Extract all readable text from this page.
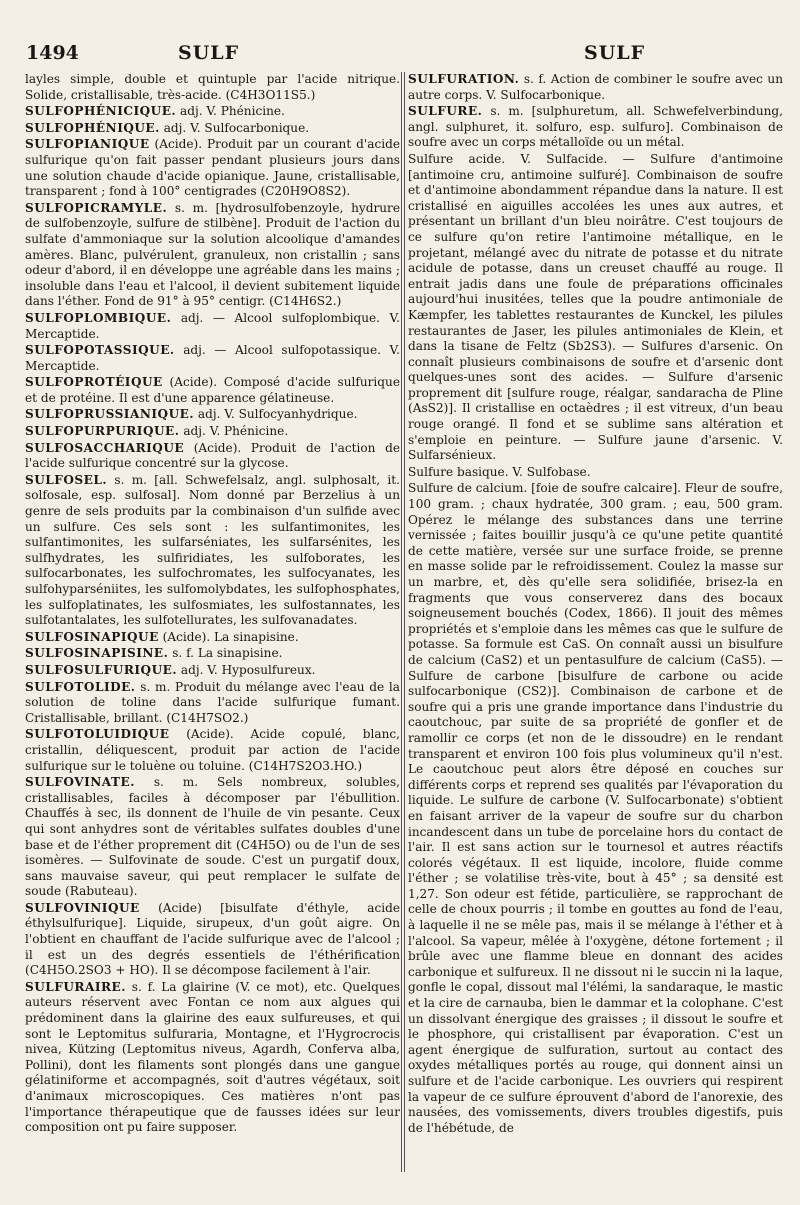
1494	SULF	SULF

layles simple, double et quintuple par l'acide nitrique. Solide, cristallisable, très-acide. (C4H3O11S5.)

SULFOPHÉNICIQUE. adj. V. Phénicine.

SULFOPHÉNIQUE. adj. V. Sulfocarbonique.

SULFOPIANIQUE (Acide). Produit par un courant d'acide sulfurique qu'on fait passer pendant plusieurs jours dans une solution chaude d'acide opianique. Jaune, cristallisable, transparent ; fond à 100° centigrades (C20H9O8S2).

SULFOPICRAMYLE. s. m. [hydrosulfobenzoyle, hydrure de sulfobenzoyle, sulfure de stilbène]. Produit de l'action du sulfate d'ammoniaque sur la solution alcoolique d'amandes amères. Blanc, pulvérulent, granuleux, non cristallin ; sans odeur d'abord, il en développe une agréable dans les mains ; insoluble dans l'eau et l'alcool, il devient subitement liquide dans l'éther. Fond de 91° à 95° centigr. (C14H6S2.)

SULFOPLOMBIQUE. adj. — Alcool sulfoplombique. V. Mercaptide.

SULFOPOTASSIQUE. adj. — Alcool sulfopotassique. V. Mercaptide.

SULFOPROTÉIQUE (Acide). Composé d'acide sulfurique et de protéine. Il est d'une apparence gélatineuse.

SULFOPRUSSIANIQUE. adj. V. Sulfocyanhydrique.

SULFOPURPURIQUE. adj. V. Phénicine.

SULFOSACCHARIQUE (Acide). Produit de l'action de l'acide sulfurique concentré sur la glycose.

SULFOSEL. s. m. [all. Schwefelsalz, angl. sulphosalt, it. solfosale, esp. sulfosal]. Nom donné par Berzelius à un genre de sels produits par la combinaison d'un sulfide avec un sulfure. Ces sels sont : les sulfantimonites, les sulfantimonites, les sulfarséniates, les sulfarsénites, les sulfhydrates, les sulfiridiates, les sulfoborates, les sulfocarbonates, les sulfochromates, les sulfocyanates, les sulfohyparséniites, les sulfomolybdates, les sulfophosphates, les sulfoplatinates, les sulfosmiates, les sulfostannates, les sulfotantalates, les sulfotellurates, les sulfovanadates.

SULFOSINAPIQUE (Acide). La sinapisine.

SULFOSINAPISINE. s. f. La sinapisine.

SULFOSULFURIQUE. adj. V. Hyposulfureux.

SULFOTOLIDE. s. m. Produit du mélange avec l'eau de la solution de toline dans l'acide sulfurique fumant. Cristallisable, brillant. (C14H7SO2.)

SULFOTOLUIDIQUE (Acide). Acide copulé, blanc, cristallin, déliquescent, produit par action de l'acide sulfurique sur le toluène ou toluine. (C14H7S2O3.HO.)

SULFOVINATE. s. m. Sels nombreux, solubles, cristallisables, faciles à décomposer par l'ébullition. Chauffés à sec, ils donnent de l'huile de vin pesante. Ceux qui sont anhydres sont de véritables sulfates doubles d'une base et de l'éther proprement dit (C4H5O) ou de l'un de ses isomères. — Sulfovinate de soude. C'est un purgatif doux, sans mauvaise saveur, qui peut remplacer le sulfate de soude (Rabuteau).

SULFOVINIQUE (Acide) [bisulfate d'éthyle, acide éthylsulfurique]. Liquide, sirupeux, d'un goût aigre. On l'obtient en chauffant de l'acide sulfurique avec de l'alcool ; il est un des degrés essentiels de l'éthérification (C4H5O.2SO3 + HO). Il se décompose facilement à l'air.

SULFURAIRE. s. f. La glairine (V. ce mot), etc. Quelques auteurs réservent avec Fontan ce nom aux algues qui prédominent dans la glairine des eaux sulfureuses, et qui sont le Leptomitus sulfuraria, Montagne, et l'Hygrocrocis nivea, Kützing (Leptomitus niveus, Agardh, Conferva alba, Pollini), dont les filaments sont plongés dans une gangue gélatiniforme et accompagnés, soit d'autres végétaux, soit d'animaux microscopiques. Ces matières n'ont pas l'importance thérapeutique que de fausses idées sur leur composition ont pu faire supposer.

SULFURATION. s. f. Action de combiner le soufre avec un autre corps. V. Sulfocarbonique.

SULFURE. s. m. [sulphuretum, all. Schwefelverbindung, angl. sulphuret, it. solfuro, esp. sulfuro]. Combinaison de soufre avec un corps métalloïde ou un métal.

Sulfure acide. V. Sulfacide. — Sulfure d'antimoine [antimoine cru, antimoine sulfuré]. Combinaison de soufre et d'antimoine abondamment répandue dans la nature. Il est cristallisé en aiguilles accolées les unes aux autres, et présentant un brillant d'un bleu noirâtre. C'est toujours de ce sulfure qu'on retire l'antimoine métallique, en le projetant, mélangé avec du nitrate de potasse et du nitrate acidule de potasse, dans un creuset chauffé au rouge. Il entrait jadis dans une foule de préparations officinales aujourd'hui inusitées, telles que la poudre antimoniale de Kæmpfer, les tablettes restaurantes de Kunckel, les pilules restaurantes de Jaser, les pilules antimoniales de Klein, et dans la tisane de Feltz (Sb2S3). — Sulfures d'arsenic. On connaît plusieurs combinaisons de soufre et d'arsenic dont quelques-unes sont des acides. — Sulfure d'arsenic proprement dit [sulfure rouge, réalgar, sandaracha de Pline (AsS2)]. Il cristallise en octaèdres ; il est vitreux, d'un beau rouge orangé. Il fond et se sublime sans altération et s'emploie en peinture. — Sulfure jaune d'arsenic. V. Sulfarsénieux.

Sulfure basique. V. Sulfobase.

Sulfure de calcium. [foie de soufre calcaire]. Fleur de soufre, 100 gram. ; chaux hydratée, 300 gram. ; eau, 500 gram. Opérez le mélange des substances dans une terrine vernissée ; faites bouillir jusqu'à ce qu'une petite quantité de cette matière, versée sur une surface froide, se prenne en masse solide par le refroidissement. Coulez la masse sur un marbre, et, dès qu'elle sera solidifiée, brisez-la en fragments que vous conserverez dans des bocaux soigneusement bouchés (Codex, 1866). Il jouit des mêmes propriétés et s'emploie dans les mêmes cas que le sulfure de potasse. Sa formule est CaS. On connaît aussi un bisulfure de calcium (CaS2) et un pentasulfure de calcium (CaS5). — Sulfure de carbone [bisulfure de carbone ou acide sulfocarbonique (CS2)]. Combinaison de carbone et de soufre qui a pris une grande importance dans l'industrie du caoutchouc, par suite de sa propriété de gonfler et de ramollir ce corps (et non de le dissoudre) en le rendant transparent et environ 100 fois plus volumineux qu'il n'est. Le caoutchouc peut alors être déposé en couches sur différents corps et reprend ses qualités par l'évaporation du liquide. Le sulfure de carbone (V. Sulfocarbonate) s'obtient en faisant arriver de la vapeur de soufre sur du charbon incandescent dans un tube de porcelaine hors du contact de l'air. Il est sans action sur le tournesol et autres réactifs colorés végétaux. Il est liquide, incolore, fluide comme l'éther ; se volatilise très-vite, bout à 45° ; sa densité est 1,27. Son odeur est fétide, particulière, se rapprochant de celle de choux pourris ; il tombe en gouttes au fond de l'eau, à laquelle il ne se mêle pas, mais il se mélange à l'éther et à l'alcool. Sa vapeur, mêlée à l'oxygène, détone fortement ; il brûle avec une flamme bleue en donnant des acides carbonique et sulfureux. Il ne dissout ni le succin ni la laque, gonfle le copal, dissout mal l'élémi, la sandaraque, le mastic et la cire de carnauba, bien le dammar et la colophane. C'est un dissolvant énergique des graisses ; il dissout le soufre et le phosphore, qui cristallisent par évaporation. C'est un agent énergique de sulfuration, surtout au contact des oxydes métalliques portés au rouge, qui donnent ainsi un sulfure et de l'acide carbonique. Les ouvriers qui respirent la vapeur de ce sulfure éprouvent d'abord de l'anorexie, des nausées, des vomissements, divers troubles digestifs, puis de l'hébétude, de
